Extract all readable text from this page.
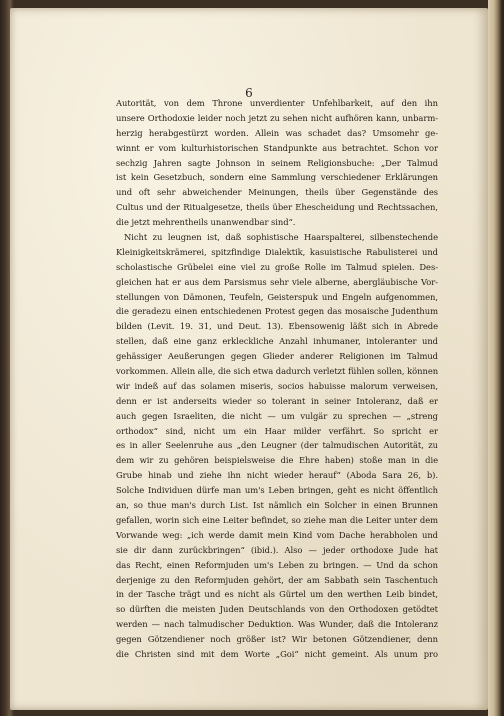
6
Autorität, von dem Throne unverdienter Unfehlbarkeit, auf den ihn
unsere Orthodoxie leider noch jetzt zu sehen nicht aufhören kann, unbarm-
herzig herabgestürzt worden. Allein was schadet das? Umsomehr ge-
winnt er vom kulturhistorischen Standpunkte aus betrachtet. Schon vor
sechzig Jahren sagte Johnson in seinem Religionsbuche: „Der Talmud
ist kein Gesetzbuch, sondern eine Sammlung verschiedener Erklärungen
und oft sehr abweichender Meinungen, theils über Gegenstände des
Cultus und der Ritualgesetze, theils über Ehescheidung und Rechtssachen,
die jetzt mehrentheils unanwendbar sind“.
Nicht zu leugnen ist, daß sophistische Haarspalterei, silbenstechende
Kleinigkeitskrämerei, spitzfindige Dialektik, kasuistische Rabulisterei und
scholastische Grübelei eine viel zu große Rolle im Talmud spielen. Des-
gleichen hat er aus dem Parsismus sehr viele alberne, abergläubische Vor-
stellungen von Dämonen, Teufeln, Geisterspuk und Engeln aufgenommen,
die geradezu einen entschiedenen Protest gegen das mosaische Judenthum
bilden (Levit. 19. 31, und Deut. 13). Ebensowenig läßt sich in Abrede
stellen, daß eine ganz erkleckliche Anzahl inhumaner, intoleranter und
gehässiger Aeußerungen gegen Glieder anderer Religionen im Talmud
vorkommen. Allein alle, die sich etwa dadurch verletzt fühlen sollen, können
wir indeß auf das solamen miseris, socios habuisse malorum verweisen,
denn er ist anderseits wieder so tolerant in seiner Intoleranz, daß er
auch gegen Israeliten, die nicht — um vulgär zu sprechen — „streng
orthodox“ sind, nicht um ein Haar milder verfährt. So spricht er
es in aller Seelenruhe aus „den Leugner (der talmudischen Autorität, zu
dem wir zu gehören beispielsweise die Ehre haben) stoße man in die
Grube hinab und ziehe ihn nicht wieder herauf“ (Aboda Sara 26, b).
Solche Individuen dürfe man um's Leben bringen, geht es nicht öffentlich
an, so thue man's durch List. Ist nämlich ein Solcher in einen Brunnen
gefallen, worin sich eine Leiter befindet, so ziehe man die Leiter unter dem
Vorwande weg: „ich werde damit mein Kind vom Dache herabholen und
sie dir dann zurückbringen“ (ibid.). Also — jeder orthodoxe Jude hat
das Recht, einen Reformjuden um's Leben zu bringen. — Und da schon
derjenige zu den Reformjuden gehört, der am Sabbath sein Taschentuch
in der Tasche trägt und es nicht als Gürtel um den werthen Leib bindet,
so dürften die meisten Juden Deutschlands von den Orthodoxen getödtet
werden — nach talmudischer Deduktion. Was Wunder, daß die Intoleranz
gegen Götzendiener noch größer ist? Wir betonen Götzendiener, denn
die Christen sind mit dem Worte „Goi“ nicht gemeint. Als unum pro
